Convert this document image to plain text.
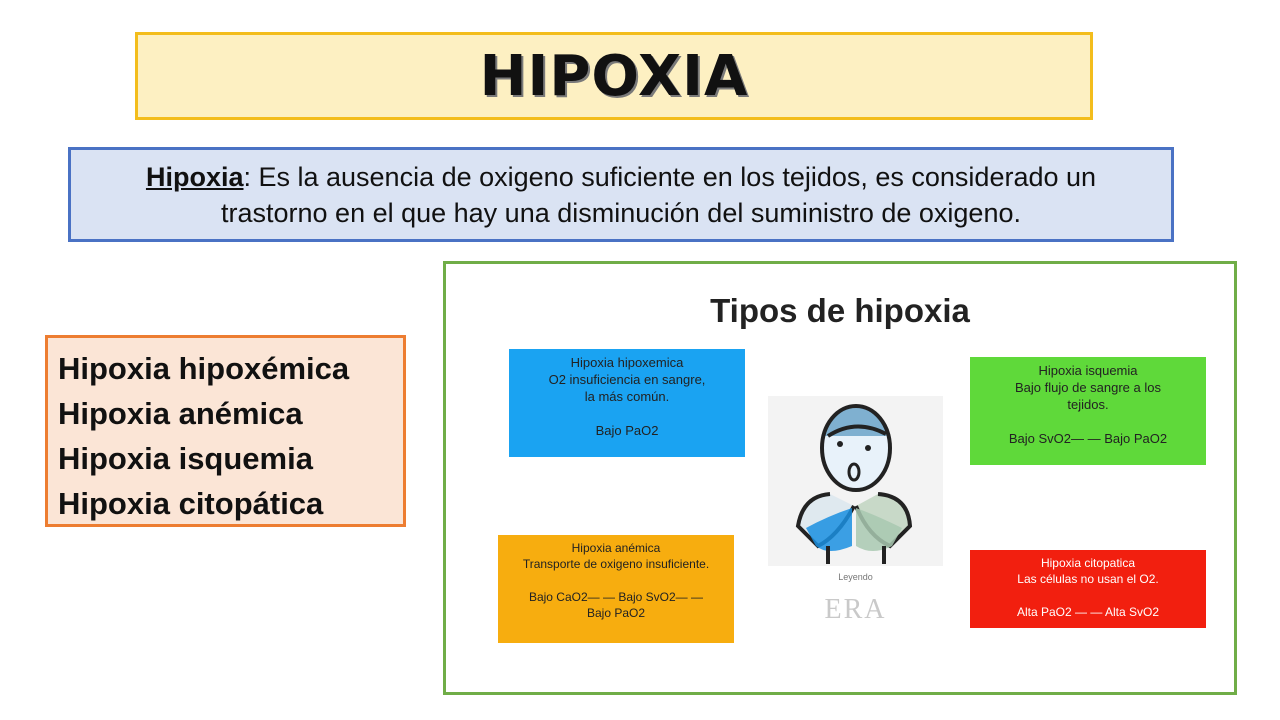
HIPOXIA
Hipoxia: Es la ausencia de oxigeno suficiente en los tejidos, es considerado un trastorno en el que hay una disminución del suministro de oxigeno.
Hipoxia hipoxémica
Hipoxia anémica
Hipoxia isquemia
Hipoxia citopática
Tipos de hipoxia
Hipoxia hipoxemica
O2 insuficiencia en sangre,
la más común.
Bajo PaO2
Hipoxia isquemia
Bajo flujo de sangre a los
tejidos.
Bajo SvO2— — Bajo PaO2
Leyendo
ERA
Hipoxia anémica
Transporte de oxigeno insuficiente.
Bajo CaO2— — Bajo SvO2— —
Bajo PaO2
Hipoxia citopatica
Las células no usan el O2.
Alta PaO2 — — Alta SvO2
